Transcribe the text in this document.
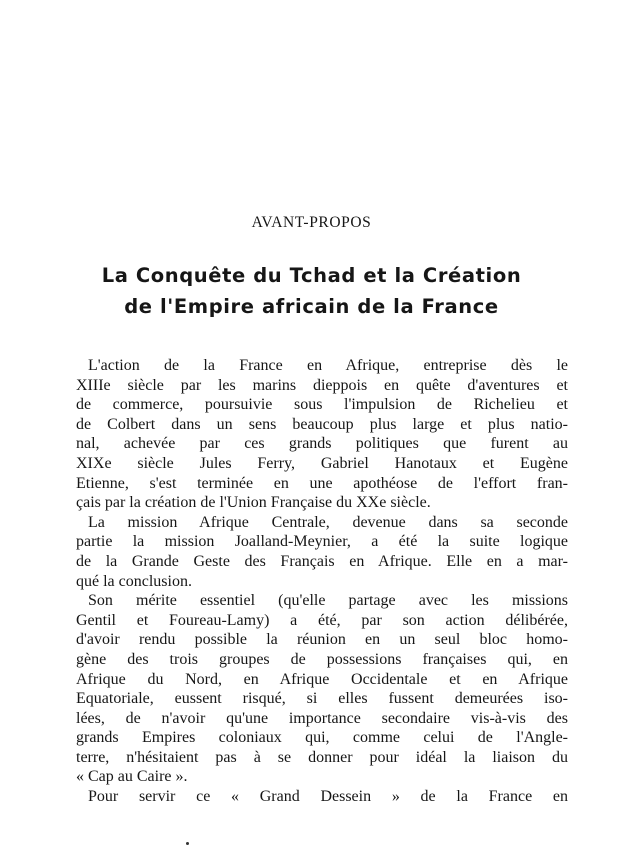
AVANT-PROPOS
La Conquête du Tchad et la Création
de l'Empire africain de la France
L'action de la France en Afrique, entreprise dès le
XIIIe siècle par les marins dieppois en quête d'aventures et
de commerce, poursuivie sous l'impulsion de Richelieu et
de Colbert dans un sens beaucoup plus large et plus natio-
nal, achevée par ces grands politiques que furent au
XIXe siècle Jules Ferry, Gabriel Hanotaux et Eugène
Etienne, s'est terminée en une apothéose de l'effort fran-
çais par la création de l'Union Française du XXe siècle.
La mission Afrique Centrale, devenue dans sa seconde
partie la mission Joalland-Meynier, a été la suite logique
de la Grande Geste des Français en Afrique. Elle en a mar-
qué la conclusion.
Son mérite essentiel (qu'elle partage avec les missions
Gentil et Foureau-Lamy) a été, par son action délibérée,
d'avoir rendu possible la réunion en un seul bloc homo-
gène des trois groupes de possessions françaises qui, en
Afrique du Nord, en Afrique Occidentale et en Afrique
Equatoriale, eussent risqué, si elles fussent demeurées iso-
lées, de n'avoir qu'une importance secondaire vis-à-vis des
grands Empires coloniaux qui, comme celui de l'Angle-
terre, n'hésitaient pas à se donner pour idéal la liaison du
« Cap au Caire ».
Pour servir ce « Grand Dessein » de la France en
